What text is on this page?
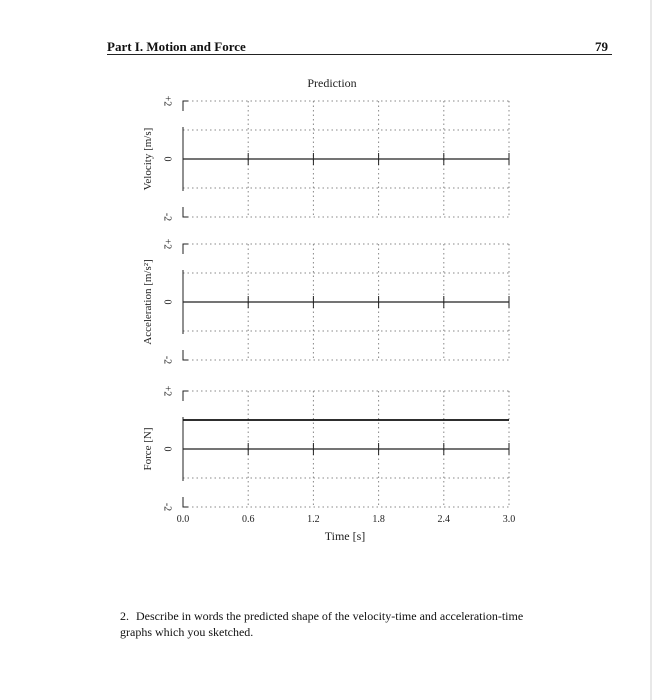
Part I. Motion and Force	79
Prediction
+2
0
-2
Velocity [m/s]
+2
0
-2
Acceleration [m/s²]
+2
0
-2
Force [N]
0.0	0.6	1.2	1.8	2.4	3.0
Time [s]
2. Describe in words the predicted shape of the velocity-time and acceleration-time graphs which you sketched.
